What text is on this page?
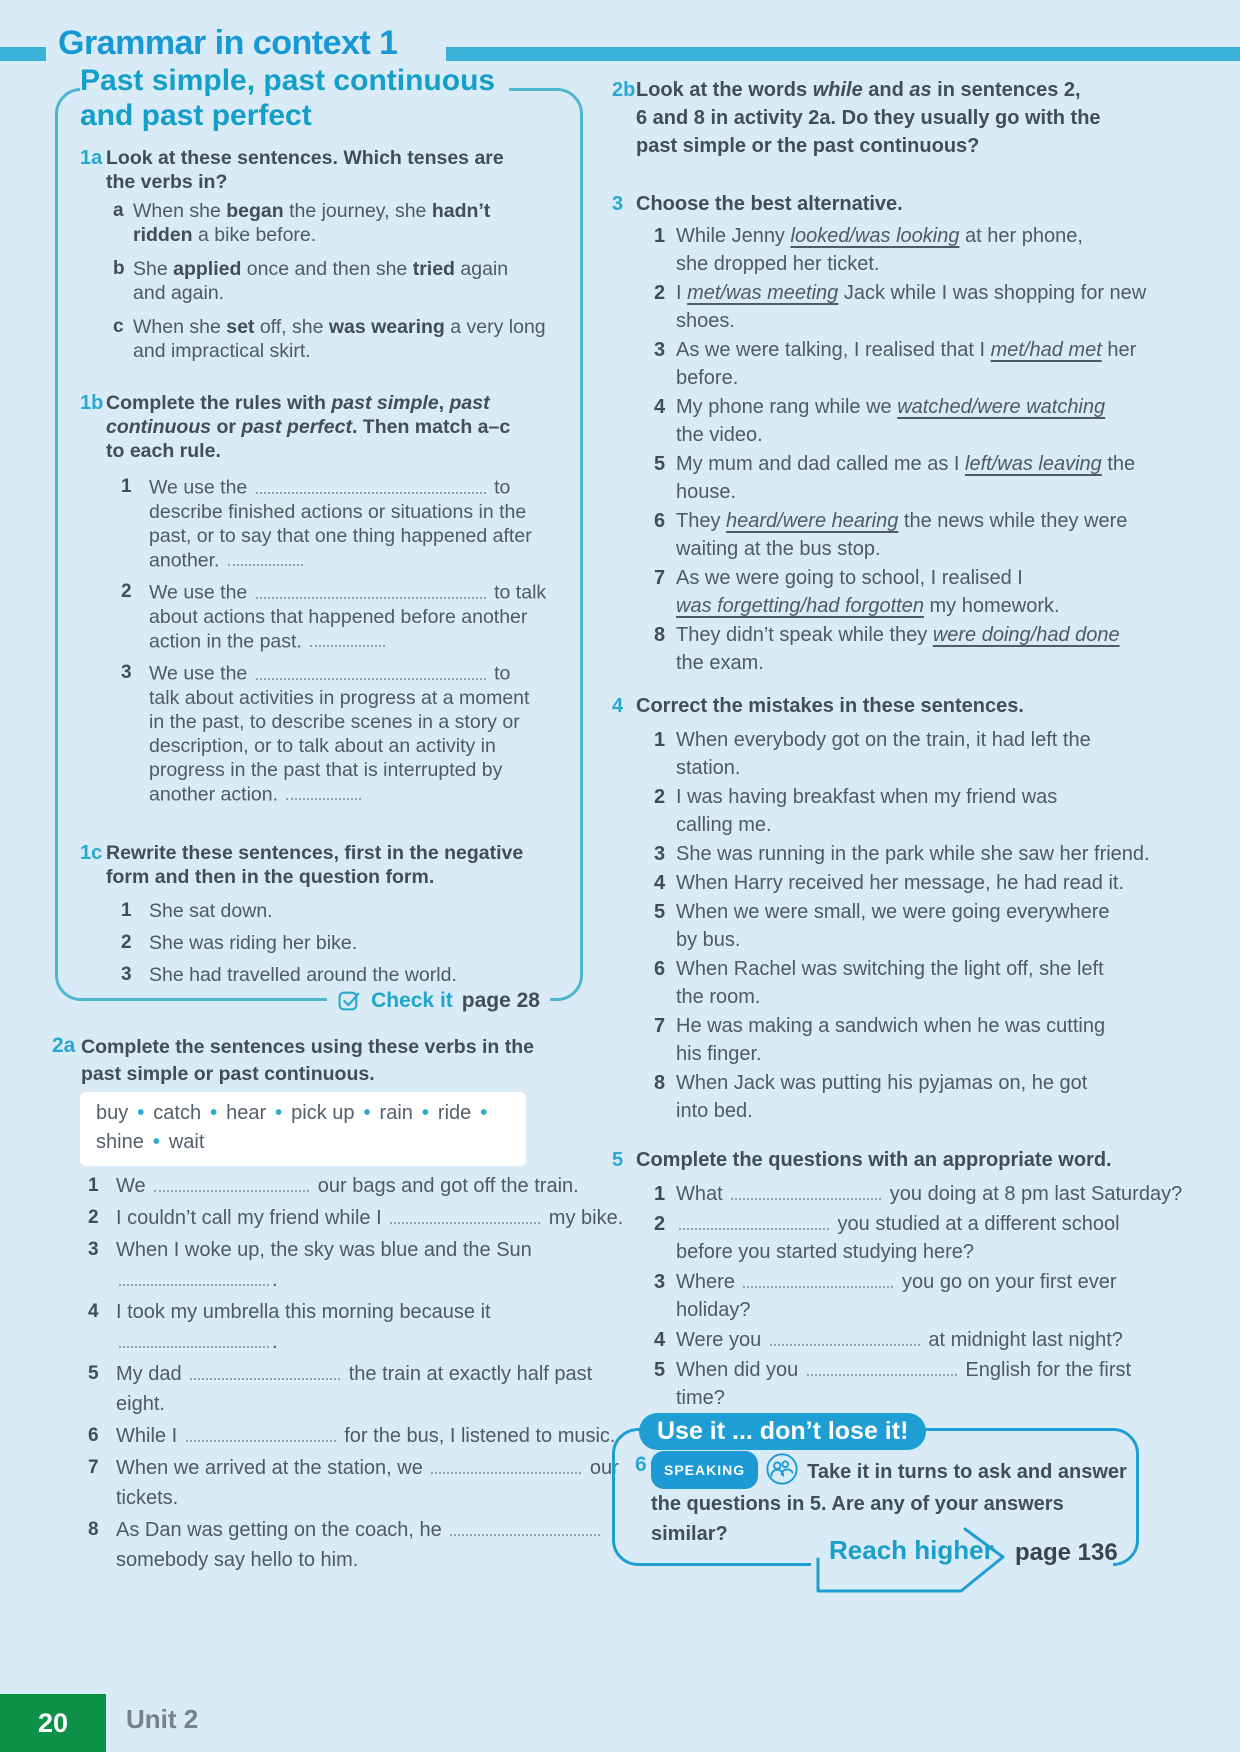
Grammar in context 1
Past simple, past continuous
and past perfect
1a Look at these sentences. Which tenses are
the verbs in?
a When she began the journey, she hadn’t
ridden a bike before.
b She applied once and then she tried again
and again.
c When she set off, she was wearing a very long
and impractical skirt.
1b Complete the rules with past simple, past
continuous or past perfect. Then match a–c
to each rule.
1 We use the	to
describe finished actions or situations in the
past, or to say that one thing happened after
another.
2 We use the	to talk
about actions that happened before another
action in the past.
3 We use the	to
talk about activities in progress at a moment
in the past, to describe scenes in a story or
description, or to talk about an activity in
progress in the past that is interrupted by
another action.
1c Rewrite these sentences, first in the negative
form and then in the question form.
1 She sat down.
2 She was riding her bike.
3 She had travelled around the world.
Check it page 28
2a Complete the sentences using these verbs in the
past simple or past continuous.
buy • catch • hear • pick up • rain • ride •
shine • wait
1 We	our bags and got off the train.
2 I couldn’t call my friend while I	my bike.
3 When I woke up, the sky was blue and the Sun
.
4 I took my umbrella this morning because it
.
5 My dad	the train at exactly half past
eight.
6 While I	for the bus, I listened to music.
7 When we arrived at the station, we	our
tickets.
8 As Dan was getting on the coach, he
somebody say hello to him.
2b Look at the words while and as in sentences 2,
6 and 8 in activity 2a. Do they usually go with the
past simple or the past continuous?
3 Choose the best alternative.
1 While Jenny looked/was looking at her phone,
she dropped her ticket.
2 I met/was meeting Jack while I was shopping for new
shoes.
3 As we were talking, I realised that I met/had met her
before.
4 My phone rang while we watched/were watching
the video.
5 My mum and dad called me as I left/was leaving the
house.
6 They heard/were hearing the news while they were
waiting at the bus stop.
7 As we were going to school, I realised I
was forgetting/had forgotten my homework.
8 They didn’t speak while they were doing/had done
the exam.
4 Correct the mistakes in these sentences.
1 When everybody got on the train, it had left the
station.
2 I was having breakfast when my friend was
calling me.
3 She was running in the park while she saw her friend.
4 When Harry received her message, he had read it.
5 When we were small, we were going everywhere
by bus.
6 When Rachel was switching the light off, she left
the room.
7 He was making a sandwich when he was cutting
his finger.
8 When Jack was putting his pyjamas on, he got
into bed.
5 Complete the questions with an appropriate word.
1 What	you doing at 8 pm last Saturday?
2	you studied at a different school
before you started studying here?
3 Where	you go on your first ever
holiday?
4 Were you	at midnight last night?
5 When did you	English for the first
time?
Use it ... don’t lose it!
6	SPEAKING	Take it in turns to ask and answer
the questions in 5. Are any of your answers
similar?
Reach higher page 136
20	Unit 2
